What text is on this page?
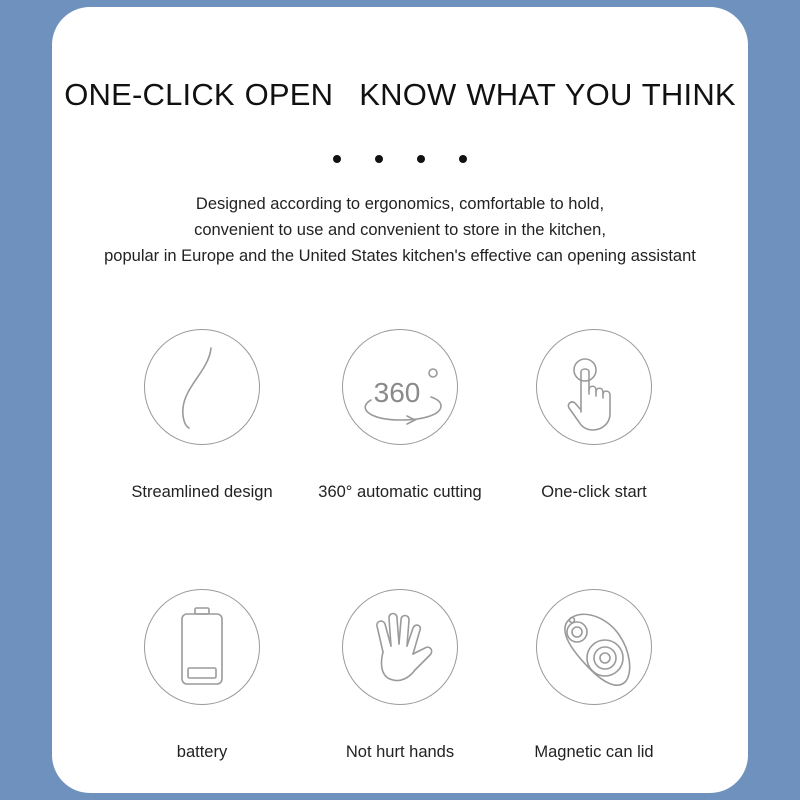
ONE-CLICK OPEN KNOW WHAT YOU THINK
Designed according to ergonomics, comfortable to hold,
convenient to use and convenient to store in the kitchen,
popular in Europe and the United States kitchen's effective can opening assistant
Streamlined design
360
360° automatic cutting	One-click start
battery	Not hurt hands	Magnetic can lid
